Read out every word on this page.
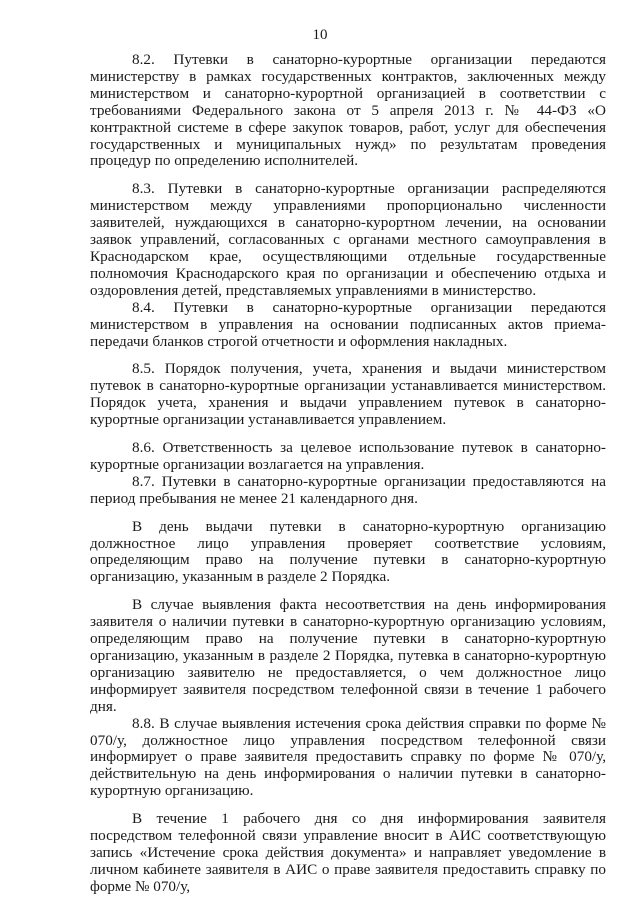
10

8.2. Путевки в санаторно-курортные организации передаются министерству в рамках государственных контрактов, заключенных между министерством и санаторно-курортной организацией в соответствии с требованиями Федерального закона от 5 апреля 2013 г. № 44-ФЗ «О контрактной системе в сфере закупок товаров, работ, услуг для обеспечения государственных и муниципальных нужд» по результатам проведения процедур по определению исполнителей.

8.3. Путевки в санаторно-курортные организации распределяются министерством между управлениями пропорционально численности заявителей, нуждающихся в санаторно-курортном лечении, на основании заявок управлений, согласованных с органами местного самоуправления в Краснодарском крае, осуществляющими отдельные государственные полномочия Краснодарского края по организации и обеспечению отдыха и оздоровления детей, представляемых управлениями в министерство.

8.4. Путевки в санаторно-курортные организации передаются министерством в управления на основании подписанных актов приема-передачи бланков строгой отчетности и оформления накладных.

8.5. Порядок получения, учета, хранения и выдачи министерством путевок в санаторно-курортные организации устанавливается министерством. Порядок учета, хранения и выдачи управлением путевок в санаторно-курортные организации устанавливается управлением.

8.6. Ответственность за целевое использование путевок в санаторно-курортные организации возлагается на управления.

8.7. Путевки в санаторно-курортные организации предоставляются на период пребывания не менее 21 календарного дня.

В день выдачи путевки в санаторно-курортную организацию должностное лицо управления проверяет соответствие условиям, определяющим право на получение путевки в санаторно-курортную организацию, указанным в разделе 2 Порядка.

В случае выявления факта несоответствия на день информирования заявителя о наличии путевки в санаторно-курортную организацию условиям, определяющим право на получение путевки в санаторно-курортную организацию, указанным в разделе 2 Порядка, путевка в санаторно-курортную организацию заявителю не предоставляется, о чем должностное лицо информирует заявителя посредством телефонной связи в течение 1 рабочего дня.

8.8. В случае выявления истечения срока действия справки по форме № 070/у, должностное лицо управления посредством телефонной связи информирует о праве заявителя предоставить справку по форме № 070/у, действительную на день информирования о наличии путевки в санаторно-курортную организацию.

В течение 1 рабочего дня со дня информирования заявителя посредством телефонной связи управление вносит в АИС соответствующую запись «Истечение срока действия документа» и направляет уведомление в личном кабинете заявителя в АИС о праве заявителя предоставить справку по форме № 070/у,
